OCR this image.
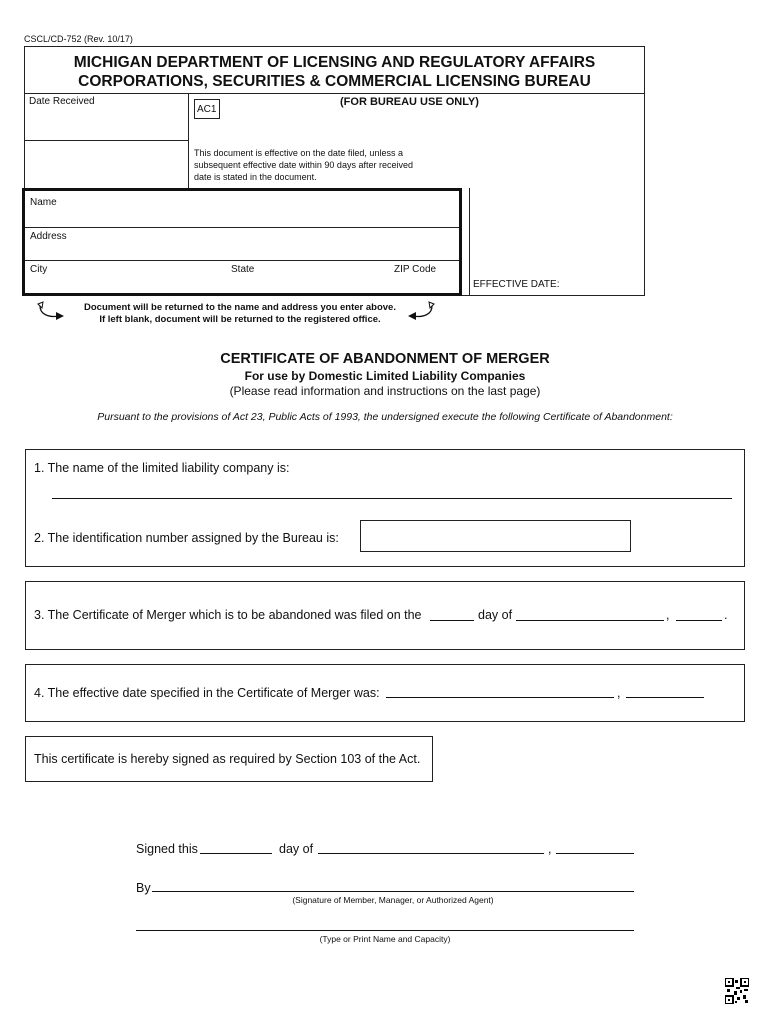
CSCL/CD-752 (Rev. 10/17)
MICHIGAN DEPARTMENT OF LICENSING AND REGULATORY AFFAIRS
CORPORATIONS, SECURITIES & COMMERCIAL LICENSING BUREAU
Date Received
AC1
(FOR BUREAU USE ONLY)
This document is effective on the date filed, unless a
subsequent effective date within 90 days after received
date is stated in the document.
EFFECTIVE DATE:
Name
Address
City	State	ZIP Code
Document will be returned to the name and address you enter above.
If left blank, document will be returned to the registered office.
CERTIFICATE OF ABANDONMENT OF MERGER
For use by Domestic Limited Liability Companies
(Please read information and instructions on the last page)
Pursuant to the provisions of Act 23, Public Acts of 1993, the undersigned execute the following Certificate of Abandonment:
1. The name of the limited liability company is:
2. The identification number assigned by the Bureau is:
3. The Certificate of Merger which is to be abandoned was filed on the	day of	,	.
4. The effective date specified in the Certificate of Merger was:	,
This certificate is hereby signed as required by Section 103 of the Act.
Signed this	day of	,
By
(Signature of Member, Manager, or Authorized Agent)
(Type or Print Name and Capacity)
